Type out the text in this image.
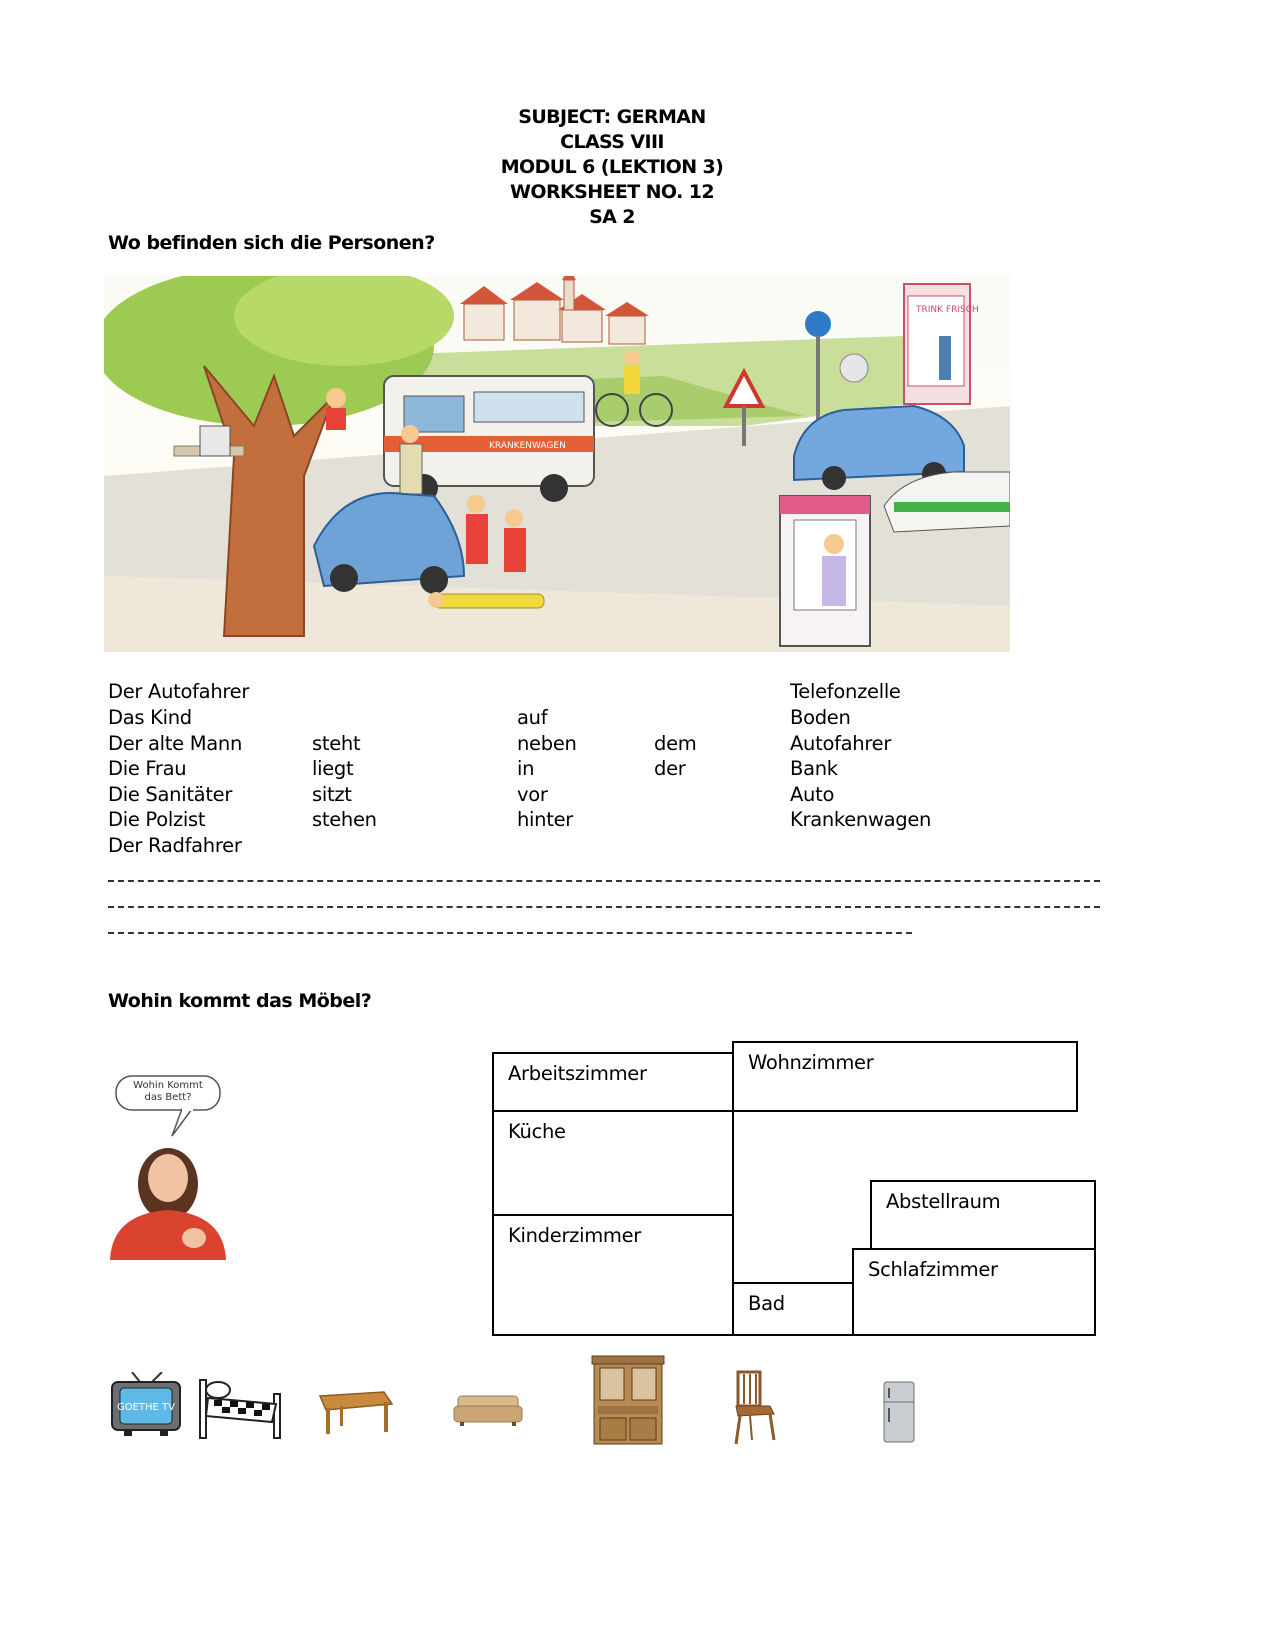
SUBJECT: GERMAN
CLASS VIII
MODUL 6 (LEKTION 3)
WORKSHEET NO. 12
SA 2
Wo befinden sich die Personen?
TRINK FRISCH
KRANKENWAGEN
Der Autofahrer
Das Kind
Der alte Mann
Die Frau
Die Sanitäter
Die Polzist
Der Radfahrer
steht
liegt
sitzt
stehen
auf
neben
in
vor
hinter
dem
der
Telefonzelle
Boden
Autofahrer
Bank
Auto
Krankenwagen
Wohin kommt das Möbel?
Wohin Kommt das Bett?
Arbeitszimmer	Wohnzimmer
Küche
Kinderzimmer
Abstellraum
Schlafzimmer
Bad
GOETHE TV
